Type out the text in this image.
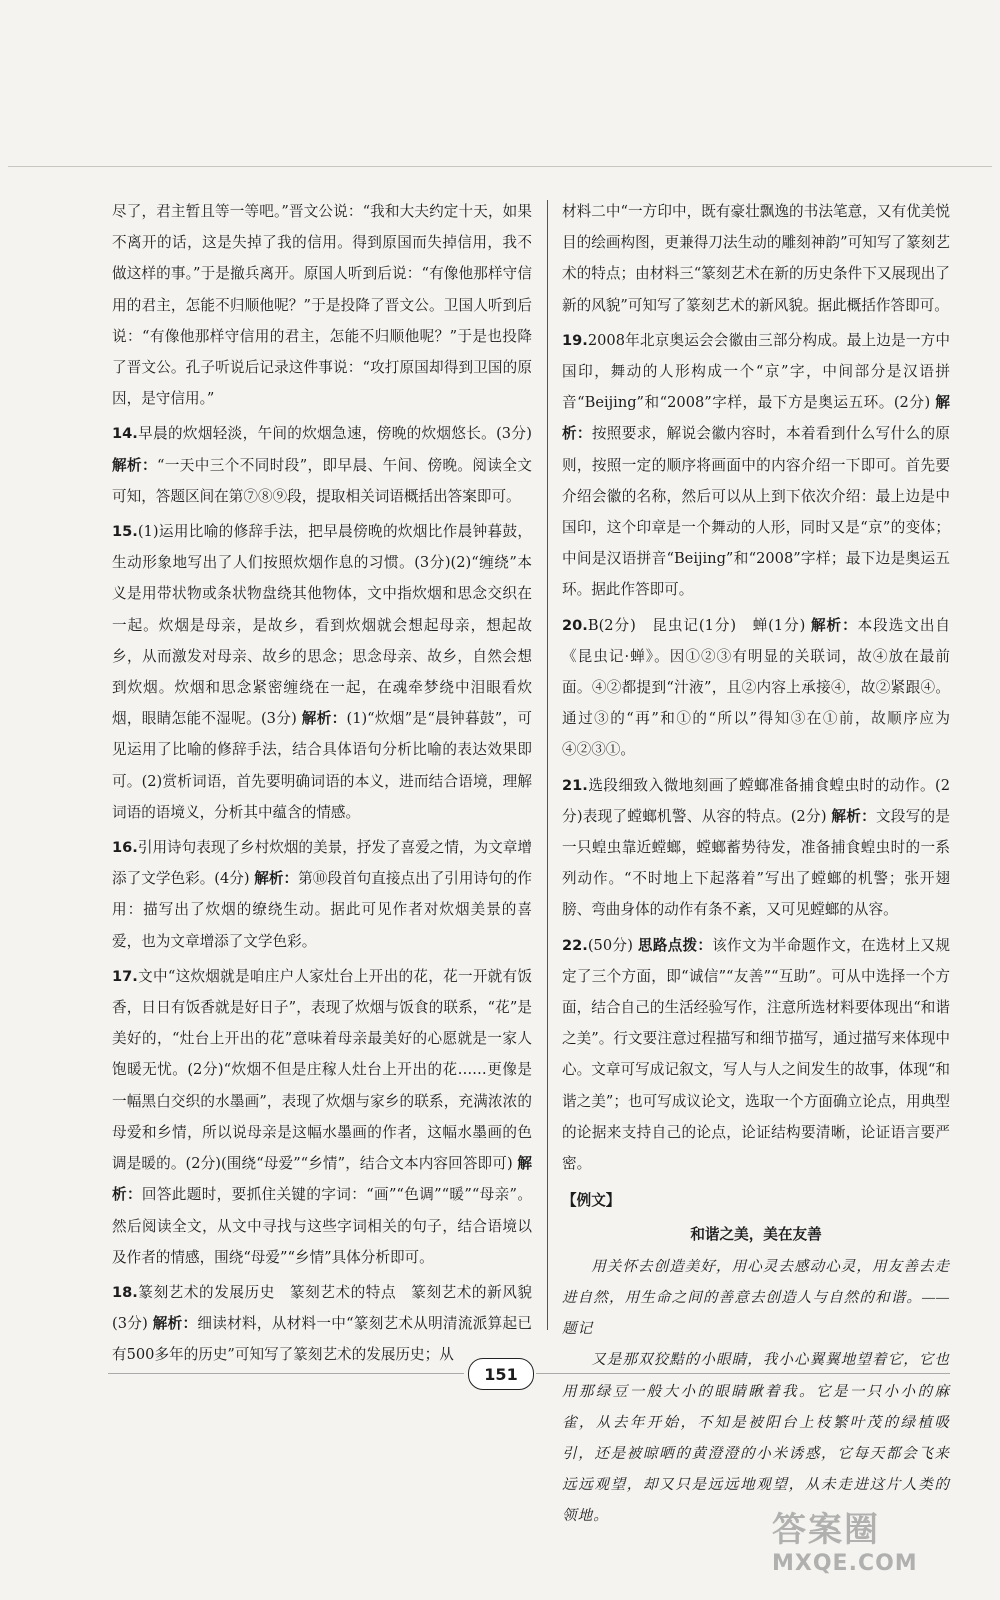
尽了，君主暂且等一等吧。”晋文公说：“我和大夫约定十天，如果不离开的话，这是失掉了我的信用。得到原国而失掉信用，我不做这样的事。”于是撤兵离开。原国人听到后说：“有像他那样守信用的君主，怎能不归顺他呢？”于是投降了晋文公。卫国人听到后说：“有像他那样守信用的君主，怎能不归顺他呢？”于是也投降了晋文公。孔子听说后记录这件事说：“攻打原国却得到卫国的原因，是守信用。”
14.早晨的炊烟轻淡，午间的炊烟急速，傍晚的炊烟悠长。(3分) 解析：“一天中三个不同时段”，即早晨、午间、傍晚。阅读全文可知，答题区间在第⑦⑧⑨段，提取相关词语概括出答案即可。
15.(1)运用比喻的修辞手法，把早晨傍晚的炊烟比作晨钟暮鼓，生动形象地写出了人们按照炊烟作息的习惯。(3分)(2)“缠绕”本义是用带状物或条状物盘绕其他物体，文中指炊烟和思念交织在一起。炊烟是母亲，是故乡，看到炊烟就会想起母亲，想起故乡，从而激发对母亲、故乡的思念；思念母亲、故乡，自然会想到炊烟。炊烟和思念紧密缠绕在一起，在魂牵梦绕中泪眼看炊烟，眼睛怎能不湿呢。(3分) 解析：(1)“炊烟”是“晨钟暮鼓”，可见运用了比喻的修辞手法，结合具体语句分析比喻的表达效果即可。(2)赏析词语，首先要明确词语的本义，进而结合语境，理解词语的语境义，分析其中蕴含的情感。
16.引用诗句表现了乡村炊烟的美景，抒发了喜爱之情，为文章增添了文学色彩。(4分) 解析：第⑩段首句直接点出了引用诗句的作用：描写出了炊烟的缭绕生动。据此可见作者对炊烟美景的喜爱，也为文章增添了文学色彩。
17.文中“这炊烟就是咱庄户人家灶台上开出的花，花一开就有饭香，日日有饭香就是好日子”，表现了炊烟与饭食的联系，“花”是美好的，“灶台上开出的花”意味着母亲最美好的心愿就是一家人饱暖无忧。(2分)“炊烟不但是庄稼人灶台上开出的花……更像是一幅黑白交织的水墨画”，表现了炊烟与家乡的联系，充满浓浓的母爱和乡情，所以说母亲是这幅水墨画的作者，这幅水墨画的色调是暖的。(2分)(围绕“母爱”“乡情”，结合文本内容回答即可) 解析：回答此题时，要抓住关键的字词：“画”“色调”“暖”“母亲”。然后阅读全文，从文中寻找与这些字词相关的句子，结合语境以及作者的情感，围绕“母爱”“乡情”具体分析即可。
18.篆刻艺术的发展历史　篆刻艺术的特点　篆刻艺术的新风貌(3分) 解析：细读材料，从材料一中“篆刻艺术从明清流派算起已有500多年的历史”可知写了篆刻艺术的发展历史；从
材料二中“一方印中，既有豪壮飘逸的书法笔意，又有优美悦目的绘画构图，更兼得刀法生动的雕刻神韵”可知写了篆刻艺术的特点；由材料三“篆刻艺术在新的历史条件下又展现出了新的风貌”可知写了篆刻艺术的新风貌。据此概括作答即可。
19.2008年北京奥运会会徽由三部分构成。最上边是一方中国印，舞动的人形构成一个“京”字，中间部分是汉语拼音“Beijing”和“2008”字样，最下方是奥运五环。(2分) 解析：按照要求，解说会徽内容时，本着看到什么写什么的原则，按照一定的顺序将画面中的内容介绍一下即可。首先要介绍会徽的名称，然后可以从上到下依次介绍：最上边是中国印，这个印章是一个舞动的人形，同时又是“京”的变体；中间是汉语拼音“Beijing”和“2008”字样；最下边是奥运五环。据此作答即可。
20.B(2分)　昆虫记(1分)　蝉(1分) 解析：本段选文出自《昆虫记·蝉》。因①②③有明显的关联词，故④放在最前面。④②都提到“汁液”，且②内容上承接④，故②紧跟④。通过③的“再”和①的“所以”得知③在①前，故顺序应为④②③①。
21.选段细致入微地刻画了螳螂准备捕食蝗虫时的动作。(2分)表现了螳螂机警、从容的特点。(2分) 解析：文段写的是一只蝗虫靠近螳螂，螳螂蓄势待发，准备捕食蝗虫时的一系列动作。“不时地上下起落着”写出了螳螂的机警；张开翅膀、弯曲身体的动作有条不紊，又可见螳螂的从容。
22.(50分) 思路点拨：该作文为半命题作文，在选材上又规定了三个方面，即“诚信”“友善”“互助”。可从中选择一个方面，结合自己的生活经验写作，注意所选材料要体现出“和谐之美”。行文要注意过程描写和细节描写，通过描写来体现中心。文章可写成记叙文，写人与人之间发生的故事，体现“和谐之美”；也可写成议论文，选取一个方面确立论点，用典型的论据来支持自己的论点，论证结构要清晰，论证语言要严密。
【例文】
和谐之美，美在友善
用关怀去创造美好，用心灵去感动心灵，用友善去走进自然，用生命之间的善意去创造人与自然的和谐。——题记
又是那双狡黠的小眼睛，我小心翼翼地望着它，它也用那绿豆一般大小的眼睛瞅着我。它是一只小小的麻雀，从去年开始，不知是被阳台上枝繁叶茂的绿植吸引，还是被晾晒的黄澄澄的小米诱惑，它每天都会飞来远远观望，却又只是远远地观望，从未走进这片人类的领地。
151
答案圈
MXQE.COM
